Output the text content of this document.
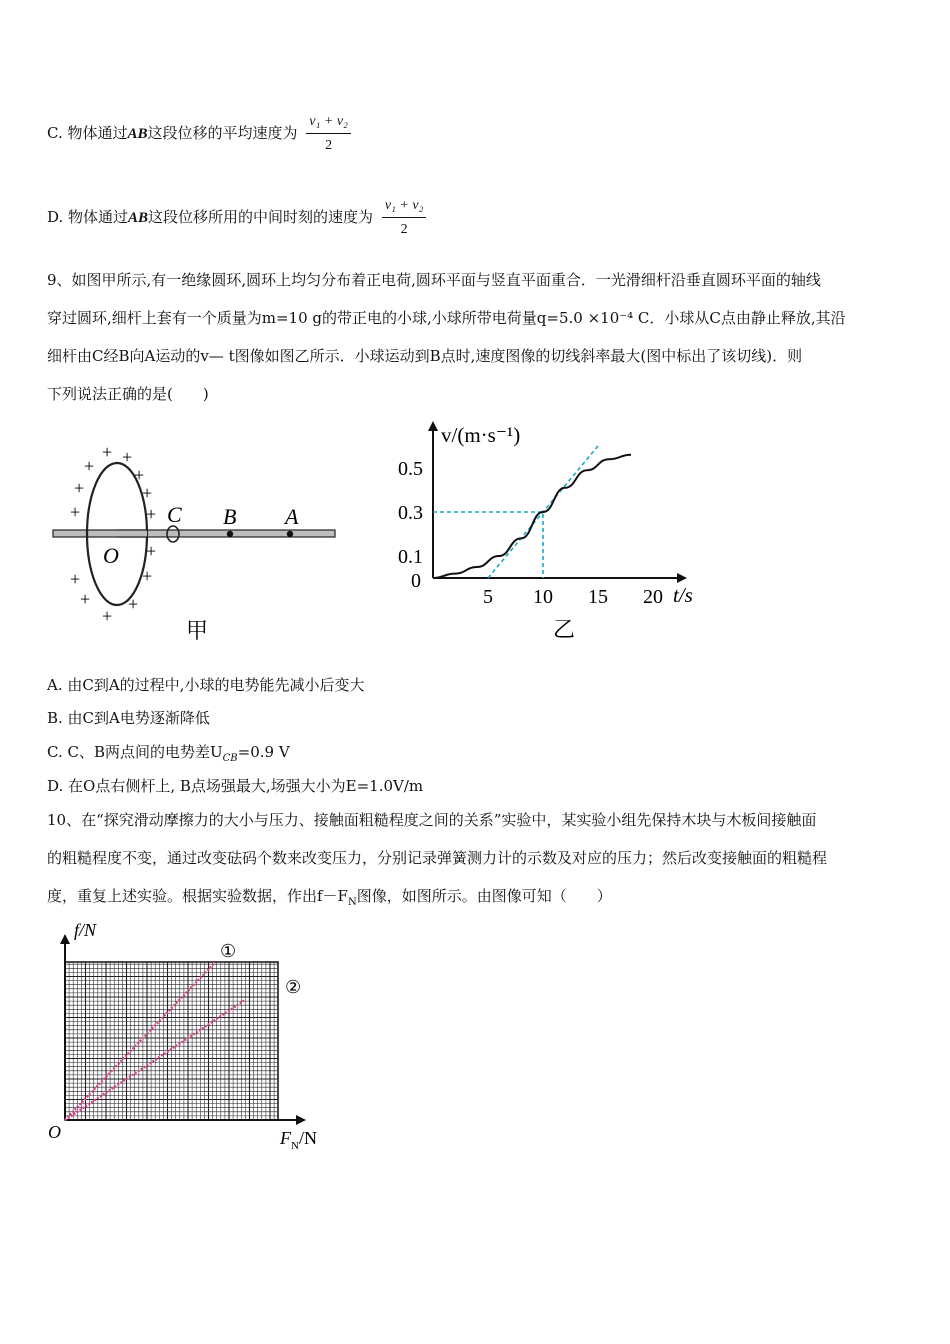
C. 物体通过AB这段位移的平均速度为 $\frac{\text{v₁ + v₂}}{2}$
D. 物体通过AB这段位移所用的中间时刻的速度为 $\frac{\text{v₁ + v₂}}{2}$
9、如图甲所示,有一绝缘圆环,圆环上均匀分布着正电荷,圆环平面与竖直平面重合．一光滑细杆沿垂直圆环平面的轴线
穿过圆环,细杆上套有一个质量为m=10 g的带正电的小球,小球所带电荷量q=5.0 ×10⁻⁴ C．小球从C点由静止释放,其沿
细杆由C经B向A运动的v— t图像如图乙所示．小球运动到B点时,速度图像的切线斜率最大(图中标出了该切线)．则
下列说法正确的是(　　)
C B A
O
+ +
+ +
+	+
+	+
+
+	+
+ +
+
甲
v/(m·s⁻¹)
t/s
0
5 10 15 20
0.1
0.3
0.5
乙
A. 由C到A的过程中,小球的电势能先减小后变大
B. 由C到A电势逐渐降低
C. C、B两点间的电势差$U_{CB}=0.9$ V
D. 在O点右侧杆上, B点场强最大,场强大小为E=1.0V/m
10、在“探究滑动摩擦力的大小与压力、接触面粗糙程度之间的关系”实验中，某实验小组先保持木块与木板间接触面
的粗糙程度不变，通过改变砝码个数来改变压力，分别记录弹簧测力计的示数及对应的压力；然后改变接触面的粗糙程
度，重复上述实验。根据实验数据，作出$f-F_N$图像，如图所示。由图像可知（　　）
f/N
O	$F_N/N$
①
②
